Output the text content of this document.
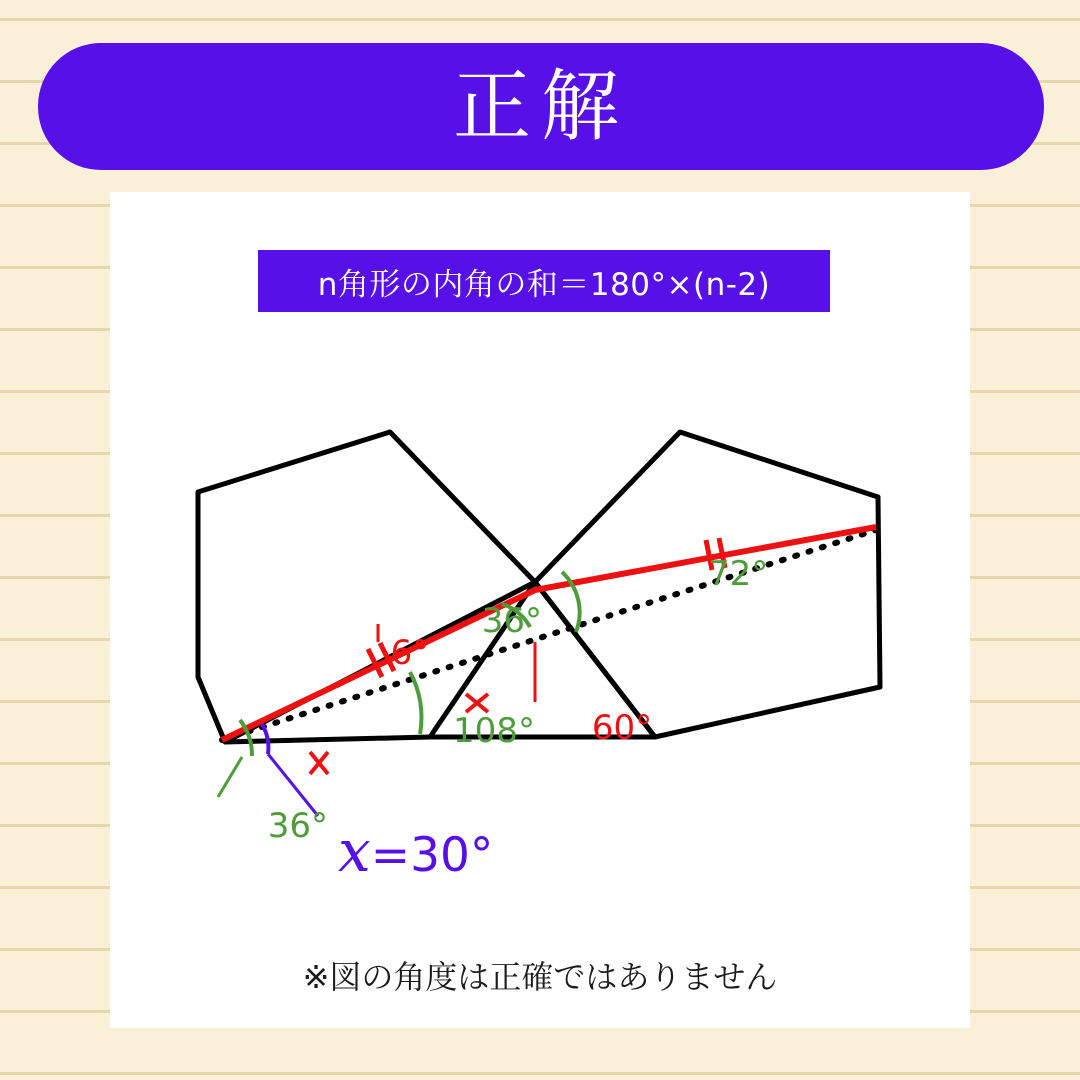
正解
n角形の内角の和＝180°×(n-2)
6°
36°
72°
60°
108°
36° x=30°
※図の角度は正確ではありません
